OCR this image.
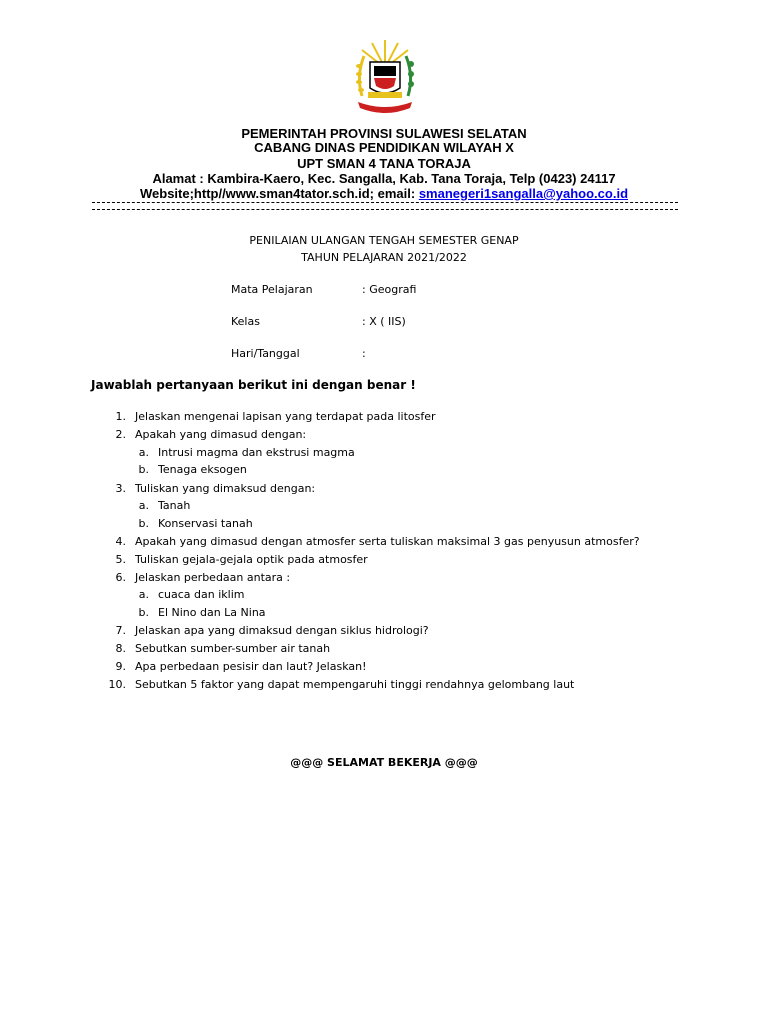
PEMERINTAH PROVINSI SULAWESI SELATAN
CABANG DINAS PENDIDIKAN WILAYAH X
UPT SMAN 4 TANA TORAJA
Alamat : Kambira-Kaero, Kec. Sangalla, Kab. Tana Toraja, Telp (0423) 24117
Website;http//www.sman4tator.sch.id; email: smanegeri1sangalla@yahoo.co.id
PENILAIAN ULANGAN TENGAH SEMESTER GENAP
TAHUN PELAJARAN 2021/2022
Mata Pelajaran	: Geografi
Kelas	: X ( IIS)
Hari/Tanggal	:
Jawablah pertanyaan berikut ini dengan benar !
1. Jelaskan mengenai lapisan yang terdapat pada litosfer
2. Apakah yang dimasud dengan:
a. Intrusi magma dan ekstrusi magma
b. Tenaga eksogen
3. Tuliskan yang dimaksud dengan:
a. Tanah
b. Konservasi tanah
4. Apakah yang dimasud dengan atmosfer serta tuliskan maksimal 3 gas penyusun atmosfer?
5. Tuliskan gejala-gejala optik pada atmosfer
6. Jelaskan perbedaan antara :
a. cuaca dan iklim
b. El Nino dan La Nina
7. Jelaskan apa yang dimaksud dengan siklus hidrologi?
8. Sebutkan sumber-sumber air tanah
9. Apa perbedaan pesisir dan laut? Jelaskan!
10. Sebutkan 5 faktor yang dapat mempengaruhi tinggi rendahnya gelombang laut
@@@ SELAMAT BEKERJA @@@
